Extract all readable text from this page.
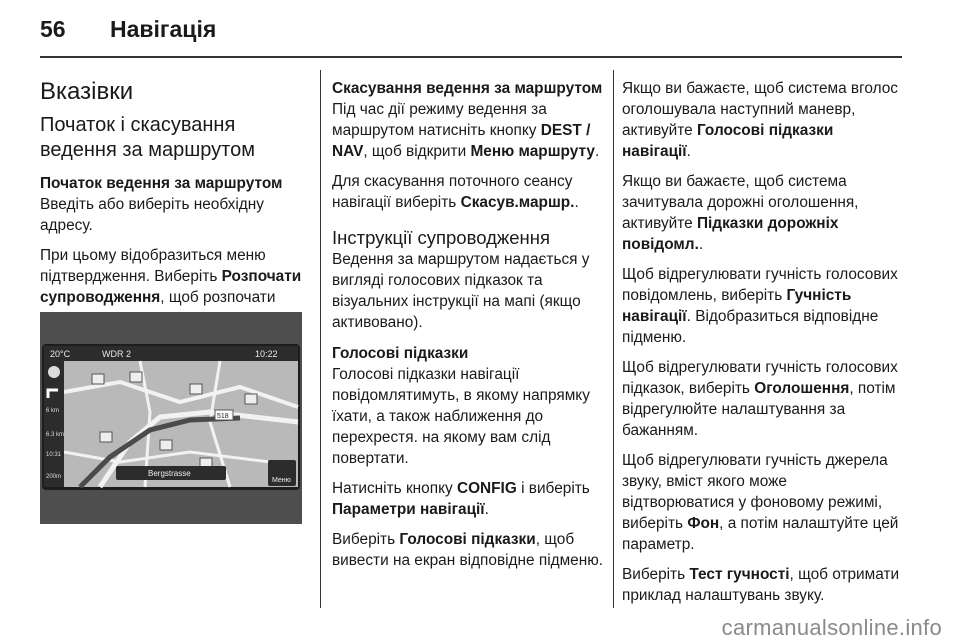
56 Навігація
Вказівки
Початок і скасування ведення за маршрутом
Початок ведення за маршрутом

Введіть або виберіть необхідну адресу.

При цьому відобразиться меню підтвердження. Виберіть Розпочати супроводження, щоб розпочати

20°C	WDR 2	10:22
518
6 km
6.3 km
10:31
200m	Bergstrasse
Меню
Скасування ведення за маршрутом

Під час дії режиму ведення за маршрутом натисніть кнопку DEST / NAV, щоб відкрити Меню маршруту.

Для скасування поточного сеансу навігації виберіть Скасув.маршр..

Інструкції супроводження

Ведення за маршрутом надається у вигляді голосових підказок та візуальних інструкції на мапі (якщо активовано).

Голосові підказки

Голосові підказки навігації повідомлятимуть, в якому напрямку їхати, а також наближення до перехрестя. на якому вам слід повертати.

Натисніть кнопку CONFIG і виберіть Параметри навігації.

Виберіть Голосові підказки, щоб вивести на екран відповідне підменю.

Якщо ви бажаєте, щоб система вголос оголошувала наступний маневр, активуйте Голосові підказки навігації.

Якщо ви бажаєте, щоб система зачитувала дорожні оголошення, активуйте Підказки дорожніх повідомл..

Щоб відрегулювати гучність голосових повідомлень, виберіть Гучність навігації. Відобразиться відповідне підменю.

Щоб відрегулювати гучність голосових підказок, виберіть Оголошення, потім відрегулюйте налаштування за бажанням.

Щоб відрегулювати гучність джерела звуку, вміст якого може відтворюватися у фоновому режимі, виберіть Фон, а потім налаштуйте цей параметр.

Виберіть Тест гучності, щоб отримати приклад налаштувань звуку.

carmanualsonline.info
